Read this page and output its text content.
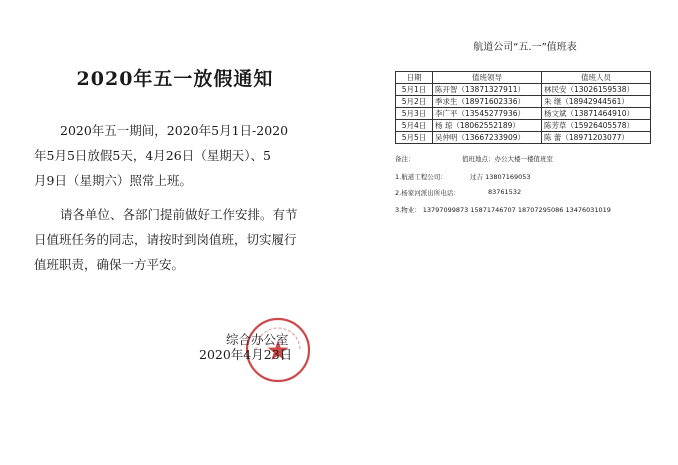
2020年五一放假通知
2020年五一期间，2020年5月1日-2020
年5月5日放假5天，4月26日（星期天）、5
月9日（星期六）照常上班。
请各单位、各部门提前做好工作安排。有节
日值班任务的同志，请按时到岗值班，切实履行
值班职责，确保一方平安。
综合办公室
2020年4月23日
航道公司“五.一”值班表
日期	值班领导	值班人员
5月1日	陈开智（13871327911）	林民安（13026159538）
5月2日	季求生（18971602336）	朱 继（18942944561）
5月3日	李广平（13545277936）	杨文斌（13871464910）
5月4日	杨 琼（18062552189）	陈芳草（15926405578）
5月5日	吴仲明（13667233909）	陈 蕾（18971203077）
备注：	值班地点：办公大楼一楼值班室
1.航道工程公司：	过吉 13807169053
2.杨家河派出所电话：	83761532
3.物业： 13797099873 15871746707 18707295086 13476031019
